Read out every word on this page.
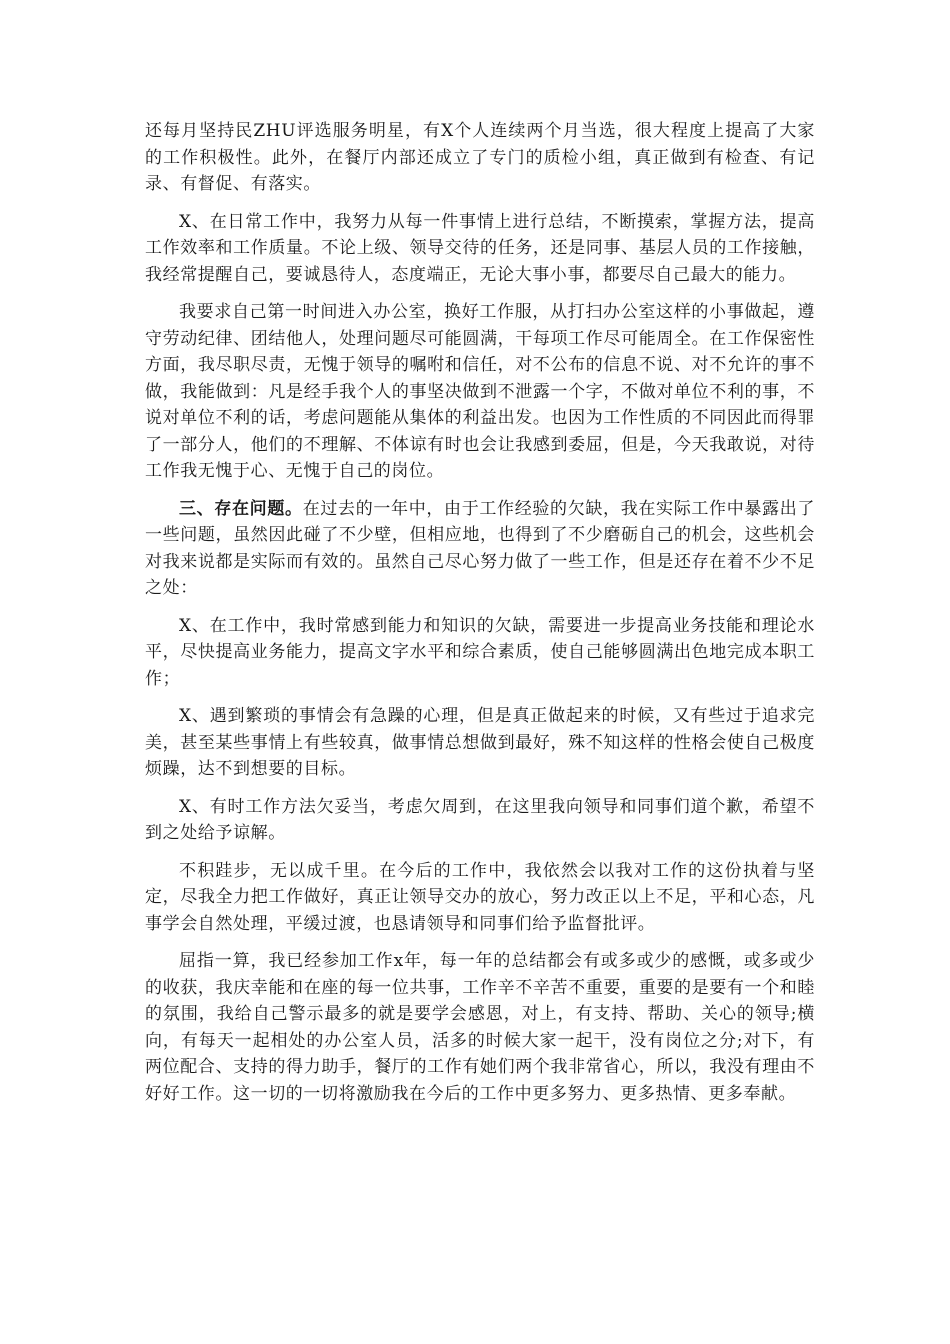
还每月坚持民ZHU评选服务明星，有X个人连续两个月当选，很大程度上提高了大家的工作积极性。此外，在餐厅内部还成立了专门的质检小组，真正做到有检查、有记录、有督促、有落实。

X、在日常工作中，我努力从每一件事情上进行总结，不断摸索，掌握方法，提高工作效率和工作质量。不论上级、领导交待的任务，还是同事、基层人员的工作接触，我经常提醒自己，要诚恳待人，态度端正，无论大事小事，都要尽自己最大的能力。

我要求自己第一时间进入办公室，换好工作服，从打扫办公室这样的小事做起，遵守劳动纪律、团结他人，处理问题尽可能圆满，干每项工作尽可能周全。在工作保密性方面，我尽职尽责，无愧于领导的嘱咐和信任，对不公布的信息不说、对不允许的事不做，我能做到：凡是经手我个人的事坚决做到不泄露一个字，不做对单位不利的事，不说对单位不利的话，考虑问题能从集体的利益出发。也因为工作性质的不同因此而得罪了一部分人，他们的不理解、不体谅有时也会让我感到委屈，但是，今天我敢说，对待工作我无愧于心、无愧于自己的岗位。

三、存在问题。在过去的一年中，由于工作经验的欠缺，我在实际工作中暴露出了一些问题，虽然因此碰了不少壁，但相应地，也得到了不少磨砺自己的机会，这些机会对我来说都是实际而有效的。虽然自己尽心努力做了一些工作，但是还存在着不少不足之处：

X、在工作中，我时常感到能力和知识的欠缺，需要进一步提高业务技能和理论水平，尽快提高业务能力，提高文字水平和综合素质，使自己能够圆满出色地完成本职工作；

X、遇到繁琐的事情会有急躁的心理，但是真正做起来的时候，又有些过于追求完美，甚至某些事情上有些较真，做事情总想做到最好，殊不知这样的性格会使自己极度烦躁，达不到想要的目标。

X、有时工作方法欠妥当，考虑欠周到，在这里我向领导和同事们道个歉，希望不到之处给予谅解。

不积跬步，无以成千里。在今后的工作中，我依然会以我对工作的这份执着与坚定，尽我全力把工作做好，真正让领导交办的放心，努力改正以上不足，平和心态，凡事学会自然处理，平缓过渡，也恳请领导和同事们给予监督批评。

屈指一算，我已经参加工作x年，每一年的总结都会有或多或少的感慨，或多或少的收获，我庆幸能和在座的每一位共事，工作辛不辛苦不重要，重要的是要有一个和睦的氛围，我给自己警示最多的就是要学会感恩，对上，有支持、帮助、关心的领导;横向，有每天一起相处的办公室人员，活多的时候大家一起干，没有岗位之分;对下，有两位配合、支持的得力助手，餐厅的工作有她们两个我非常省心，所以，我没有理由不好好工作。这一切的一切将激励我在今后的工作中更多努力、更多热情、更多奉献。
